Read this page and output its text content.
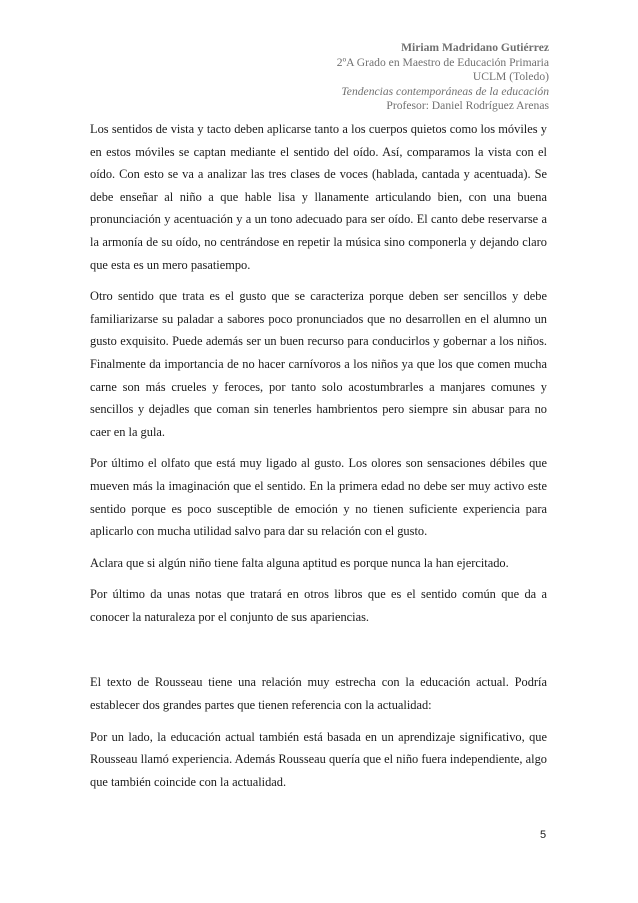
Miriam Madridano Gutiérrez
2ºA Grado en Maestro de Educación Primaria
UCLM (Toledo)
Tendencias contemporáneas de la educación
Profesor: Daniel Rodríguez Arenas

Los sentidos de vista y tacto deben aplicarse tanto a los cuerpos quietos como los móviles y en estos móviles se captan mediante el sentido del oído. Así, comparamos la vista con el oído. Con esto se va a analizar las tres clases de voces (hablada, cantada y acentuada). Se debe enseñar al niño a que hable lisa y llanamente articulando bien, con una buena pronunciación y acentuación y a un tono adecuado para ser oído. El canto debe reservarse a la armonía de su oído, no centrándose en repetir la música sino componerla y dejando claro que esta es un mero pasatiempo.

Otro sentido que trata es el gusto que se caracteriza porque deben ser sencillos y debe familiarizarse su paladar a sabores poco pronunciados que no desarrollen en el alumno un gusto exquisito. Puede además ser un buen recurso para conducirlos y gobernar a los niños. Finalmente da importancia de no hacer carnívoros a los niños ya que los que comen mucha carne son más crueles y feroces, por tanto solo acostumbrarles a manjares comunes y sencillos y dejadles que coman sin tenerles hambrientos pero siempre sin abusar para no caer en la gula.

Por último el olfato que está muy ligado al gusto. Los olores son sensaciones débiles que mueven más la imaginación que el sentido. En la primera edad no debe ser muy activo este sentido porque es poco susceptible de emoción y no tienen suficiente experiencia para aplicarlo con mucha utilidad salvo para dar su relación con el gusto.

Aclara que si algún niño tiene falta alguna aptitud es porque nunca la han ejercitado.

Por último da unas notas que tratará en otros libros que es el sentido común que da a conocer la naturaleza por el conjunto de sus apariencias.

El texto de Rousseau tiene una relación muy estrecha con la educación actual. Podría establecer dos grandes partes que tienen referencia con la actualidad:

Por un lado, la educación actual también está basada en un aprendizaje significativo, que Rousseau llamó experiencia. Además Rousseau quería que el niño fuera independiente, algo que también coincide con la actualidad.

5
